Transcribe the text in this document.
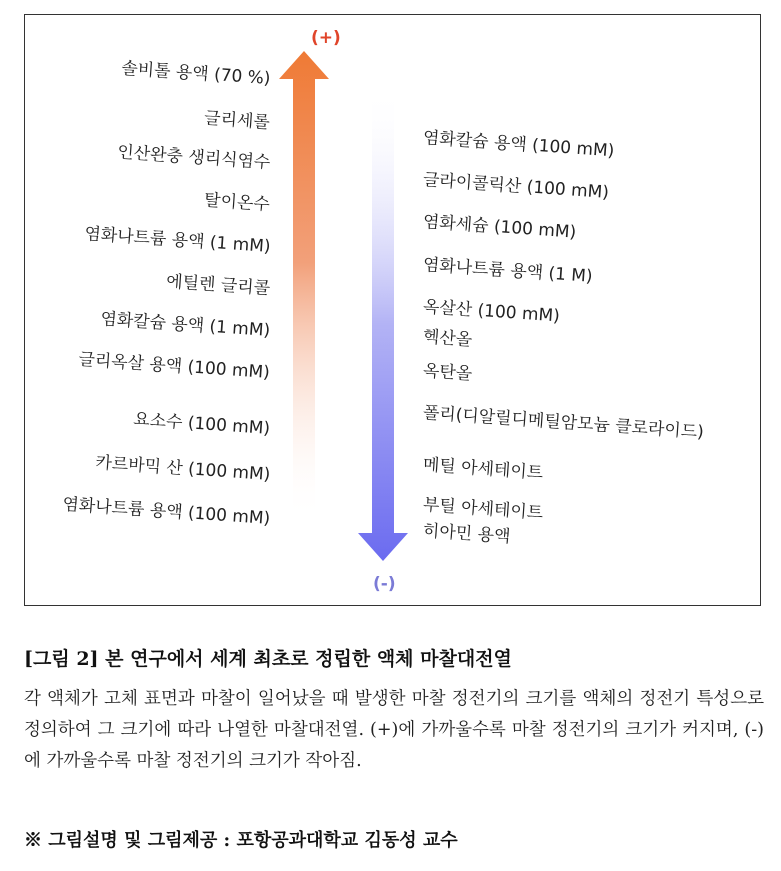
(+)
(-)
솔비톨 용액 (70 %)
글리세롤
인산완충 생리식염수
탈이온수
염화나트륨 용액 (1 mM)
에틸렌 글리콜
염화칼슘 용액 (1 mM)
글리옥살 용액 (100 mM)
요소수 (100 mM)
카르바믹 산 (100 mM)
염화나트륨 용액 (100 mM)
염화칼슘 용액 (100 mM)
글라이콜릭산 (100 mM)
염화세슘 (100 mM)
염화나트륨 용액 (1 M)
옥살산 (100 mM)
헥산올
옥탄올
폴리(디알릴디메틸암모늄 클로라이드)
메틸 아세테이트
부틸 아세테이트
히아민 용액
[그림 2] 본 연구에서 세계 최초로 정립한 액체 마찰대전열
각 액체가 고체 표면과 마찰이 일어났을 때 발생한 마찰 정전기의 크기를 액체의 정전기 특성으로 정의하여 그 크기에 따라 나열한 마찰대전열. (+)에 가까울수록 마찰 정전기의 크기가 커지며, (-)에 가까울수록 마찰 정전기의 크기가 작아짐.
※ 그림설명 및 그림제공 : 포항공과대학교 김동성 교수
